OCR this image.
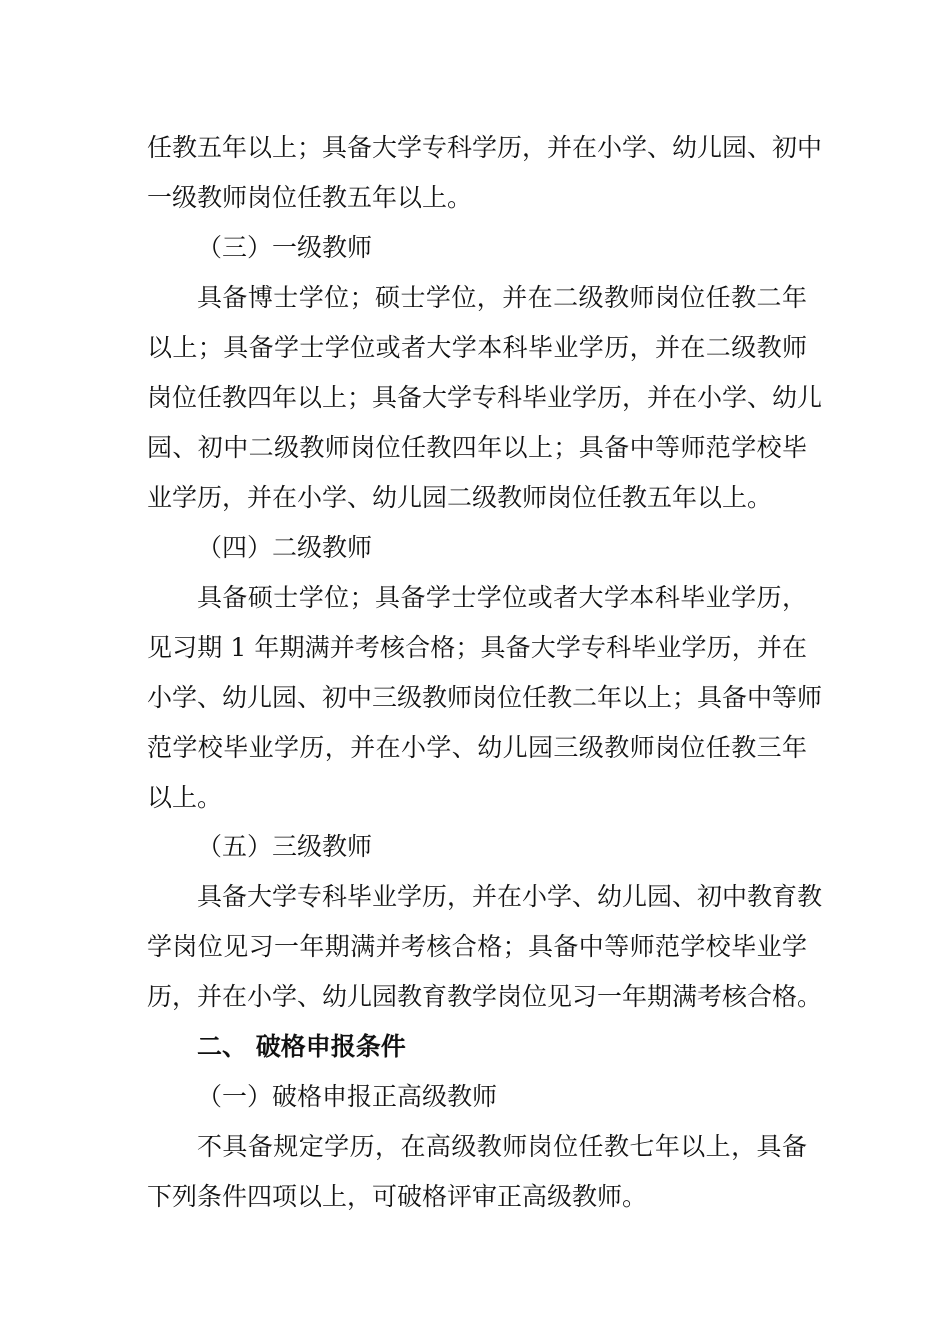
任教五年以上；具备大学专科学历，并在小学、幼儿园、初中
一级教师岗位任教五年以上。
（三）一级教师
具备博士学位；硕士学位，并在二级教师岗位任教二年
以上；具备学士学位或者大学本科毕业学历，并在二级教师
岗位任教四年以上；具备大学专科毕业学历，并在小学、幼儿
园、初中二级教师岗位任教四年以上；具备中等师范学校毕
业学历，并在小学、幼儿园二级教师岗位任教五年以上。
（四）二级教师
具备硕士学位；具备学士学位或者大学本科毕业学历，
见习期 1 年期满并考核合格；具备大学专科毕业学历，并在
小学、幼儿园、初中三级教师岗位任教二年以上；具备中等师
范学校毕业学历，并在小学、幼儿园三级教师岗位任教三年
以上。
（五）三级教师
具备大学专科毕业学历，并在小学、幼儿园、初中教育教
学岗位见习一年期满并考核合格；具备中等师范学校毕业学
历，并在小学、幼儿园教育教学岗位见习一年期满考核合格。
二、 破格申报条件
（一）破格申报正高级教师
不具备规定学历，在高级教师岗位任教七年以上，具备
下列条件四项以上，可破格评审正高级教师。
